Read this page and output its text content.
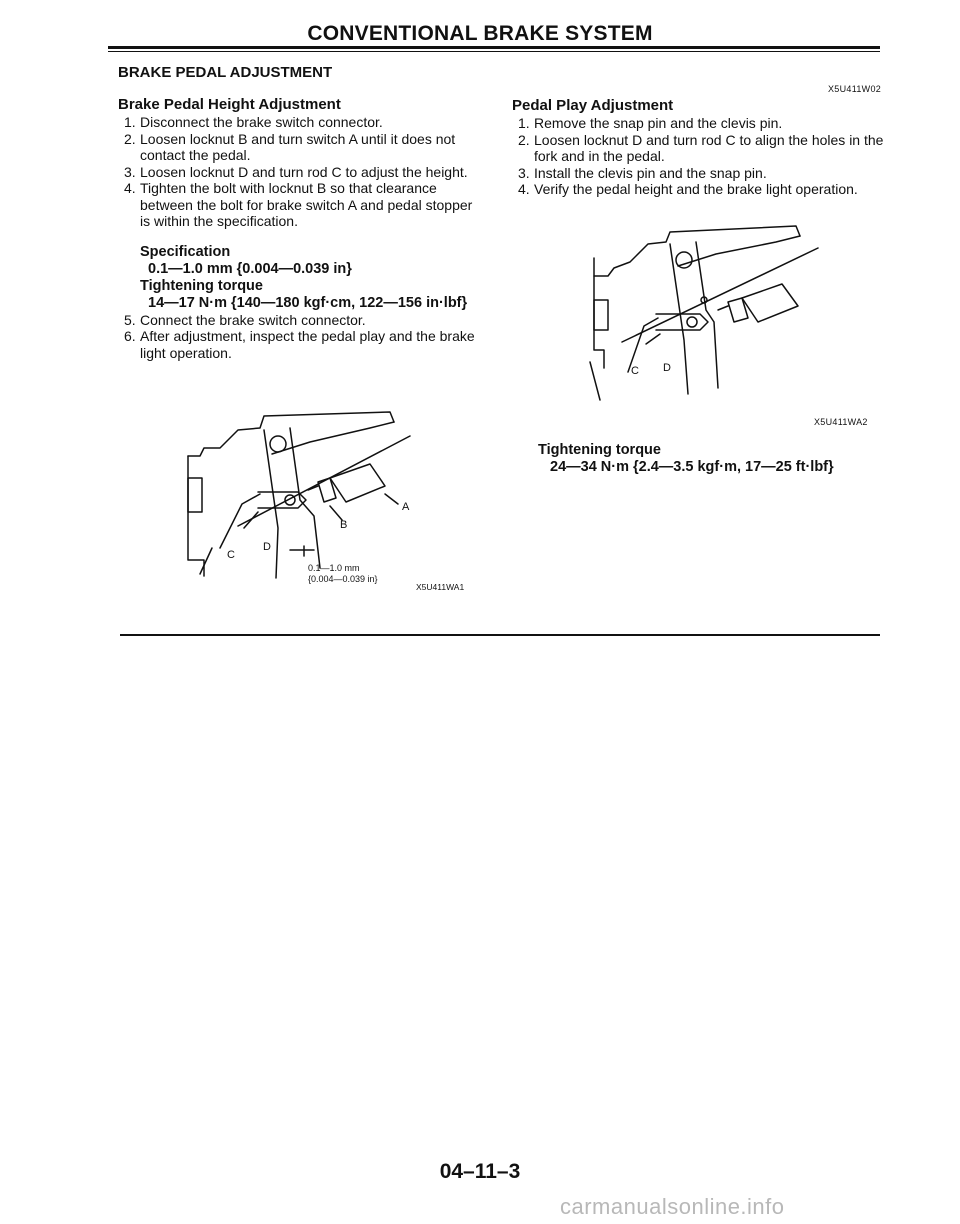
CONVENTIONAL BRAKE SYSTEM
BRAKE PEDAL ADJUSTMENT
Brake Pedal Height Adjustment
1. Disconnect the brake switch connector.
2. Loosen locknut B and turn switch A until it does not contact the pedal.
3. Loosen locknut D and turn rod C to adjust the height.
4. Tighten the bolt with locknut B so that clearance between the bolt for brake switch A and pedal stopper is within the specification.
Specification
0.1—1.0 mm {0.004—0.039 in}
Tightening torque
14—17 N·m {140—180 kgf·cm, 122—156 in·lbf}
5. Connect the brake switch connector.
6. After adjustment, inspect the pedal play and the brake light operation.
X5U411W02
Pedal Play Adjustment
1. Remove the snap pin and the clevis pin.
2. Loosen locknut D and turn rod C to align the holes in the fork and in the pedal.
3. Install the clevis pin and the snap pin.
4. Verify the pedal height and the brake light operation.
A
B
C
D
0.1—1.0 mm
{0.004—0.039 in}
X5U411WA1
C D
X5U411WA2
Tightening torque
24—34 N·m {2.4—3.5 kgf·m, 17—25 ft·lbf}
04–11–3
carmanualsonline.info
